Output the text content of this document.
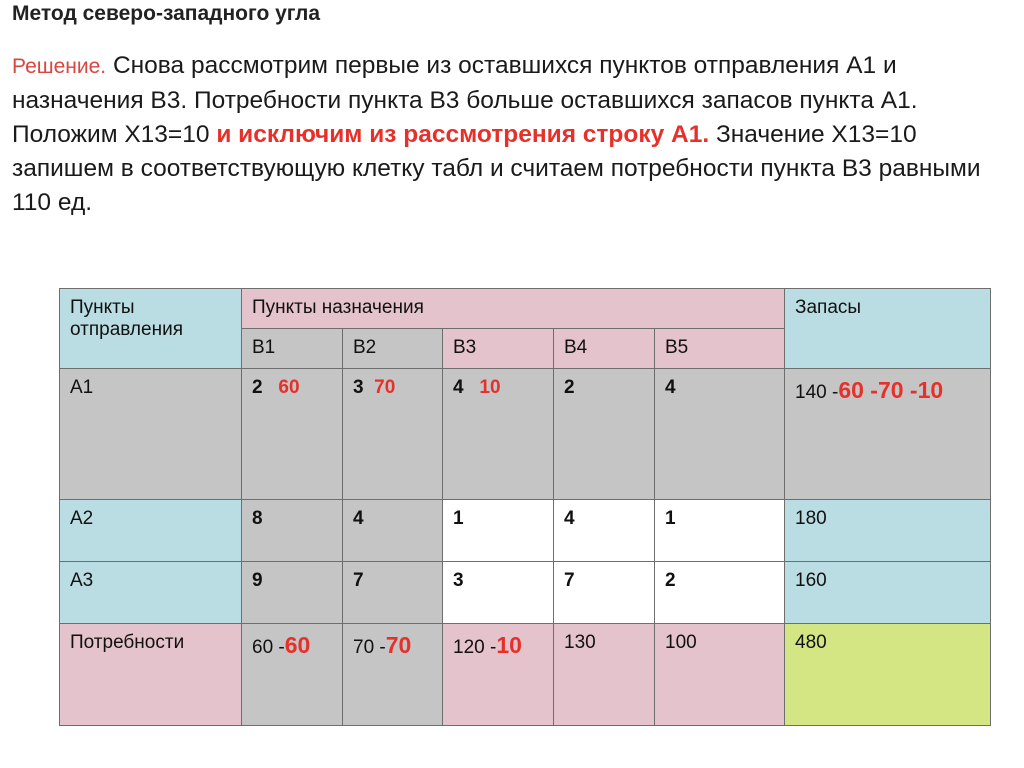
Метод северо-западного угла
Решение. Снова рассмотрим первые из оставшихся пунктов отправления А1 и назначения В3. Потребности пункта В3 больше оставшихся запасов пункта А1. Положим Х13=10 и исключим из рассмотрения строку А1. Значение Х13=10 запишем в соответствующую клетку табл и считаем потребности пункта В3 равными 110 ед.
Пункты отправления	Пункты назначения					Запасы
	В1	В2	В3	В4	В5	
А1	2 60	3 70	4 10	2	4	140 -60 -70 -10
А2	8	4	1	4	1	180
А3	9	7	3	7	2	160
Потребности	60 -60	70 -70	120 -10	130	100	480
